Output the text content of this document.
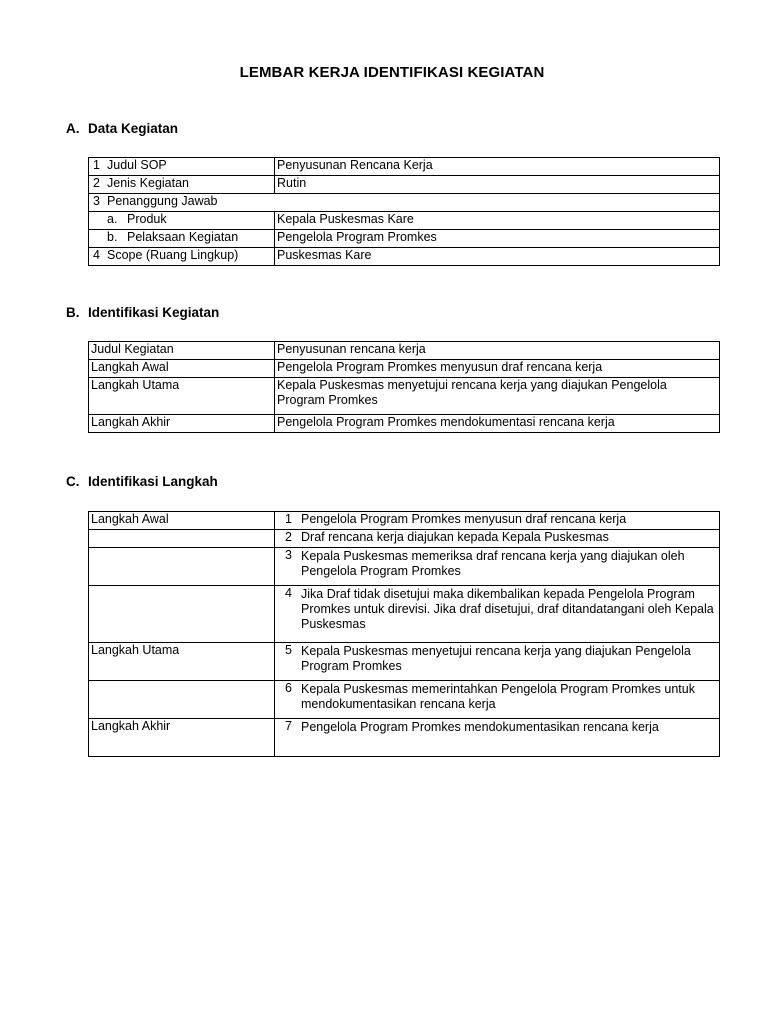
LEMBAR KERJA IDENTIFIKASI KEGIATAN
A. Data Kegiatan
1 Judul SOP	Penyusunan Rencana Kerja
2 Jenis Kegiatan	Rutin
3 Penanggung Jawab	
a. Produk	Kepala Puskesmas Kare
b. Pelaksaan Kegiatan	Pengelola Program Promkes
4 Scope (Ruang Lingkup)	Puskesmas Kare
B. Identifikasi Kegiatan
Judul Kegiatan	Penyusunan rencana kerja
Langkah Awal	Pengelola Program Promkes menyusun draf rencana kerja
Langkah Utama	Kepala Puskesmas menyetujui rencana kerja yang diajukan Pengelola Program Promkes
Langkah Akhir	Pengelola Program Promkes mendokumentasi rencana kerja
C. Identifikasi Langkah
Langkah Awal	1 Pengelola Program Promkes menyusun draf rencana kerja

	2 Draf rencana kerja diajukan kepada Kepala Puskesmas

	3 Kepala Puskesmas memeriksa draf rencana kerja yang diajukan oleh Pengelola Program Promkes

	4 Jika Draf tidak disetujui maka dikembalikan kepada Pengelola Program Promkes untuk direvisi. Jika draf disetujui, draf ditandatangani oleh Kepala Puskesmas
Langkah Utama	5 Kepala Puskesmas menyetujui rencana kerja yang diajukan Pengelola Program Promkes

	6 Kepala Puskesmas memerintahkan Pengelola Program Promkes untuk mendokumentasikan rencana kerja
Langkah Akhir	7 Pengelola Program Promkes mendokumentasikan rencana kerja
